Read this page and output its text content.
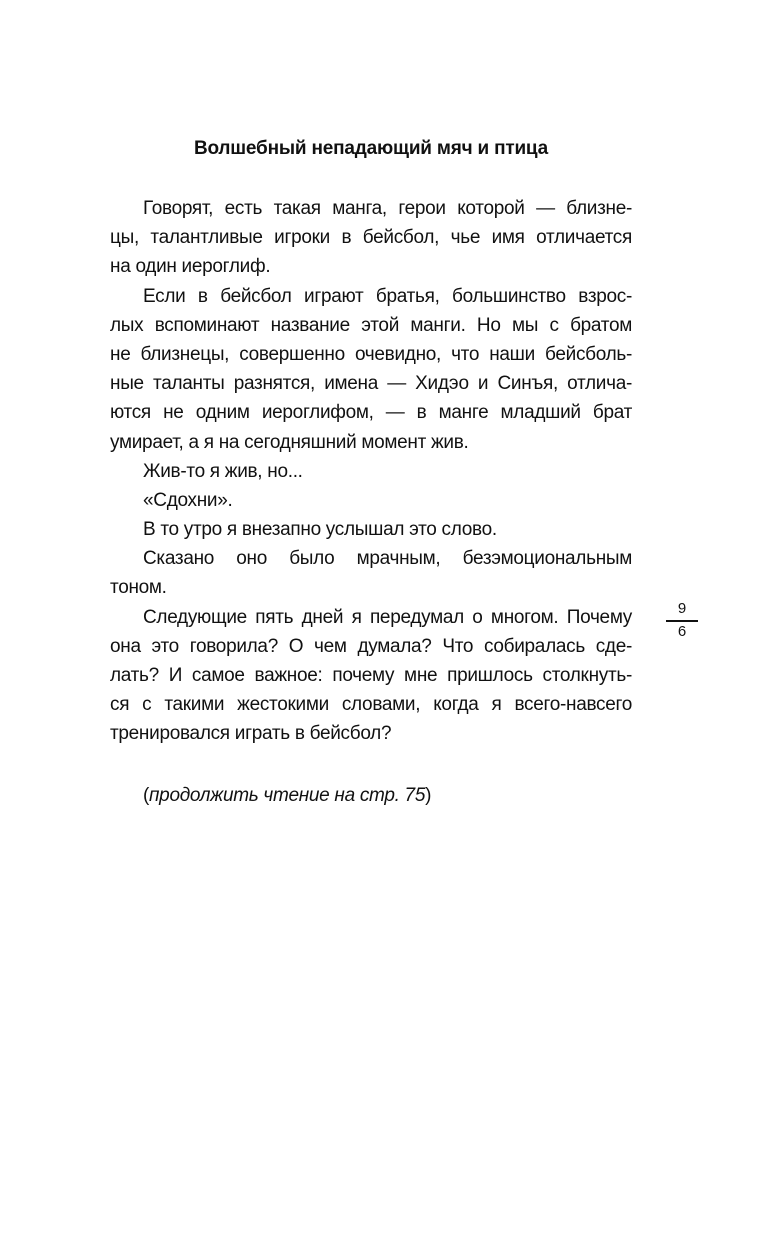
Волшебный непадающий мяч и птица
Говорят, есть такая манга, герои которой — близне-
цы, талантливые игроки в бейсбол, чье имя отличается
на один иероглиф.
Если в бейсбол играют братья, большинство взрос-
лых вспоминают название этой манги. Но мы с братом
не близнецы, совершенно очевидно, что наши бейсболь-
ные таланты разнятся, имена — Хидэо и Синъя, отлича-
ются не одним иероглифом, — в манге младший брат
умирает, а я на сегодняшний момент жив.
Жив-то я жив, но...
«Сдохни».
В то утро я внезапно услышал это слово.
Сказано оно было мрачным, безэмоциональным
тоном.
Следующие пять дней я передумал о многом. Почему
она это говорила? О чем думала? Что собиралась сде-
лать? И самое важное: почему мне пришлось столкнуть-
ся с такими жестокими словами, когда я всего-навсего
тренировался играть в бейсбол?
(продолжить чтение на стр. 75)
9
6
